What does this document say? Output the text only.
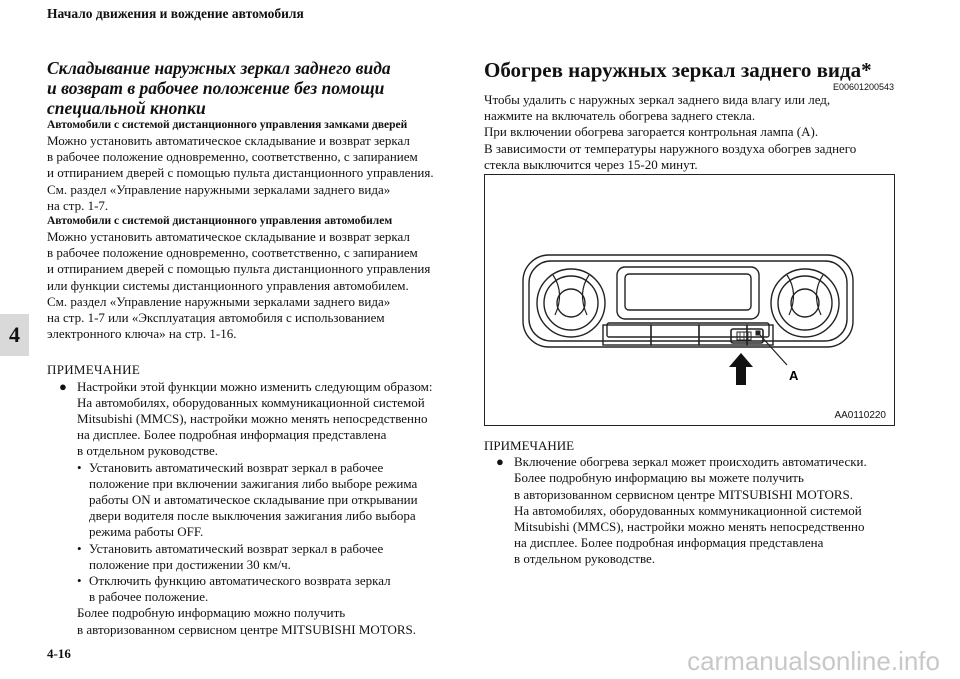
Начало движения и вождение автомобиля
4

Складывание наружных зеркал заднего вида

и возврат в рабочее положение без помощи

специальной кнопки

Автомобили с системой дистанционного управления замками дверей

Можно установить автоматическое складывание и возврат зеркал

в рабочее положение одновременно, соответственно, с запиранием

и отпиранием дверей с помощью пульта дистанционного управления.

См. раздел «Управление наружными зеркалами заднего вида»

на стр. 1-7.

Автомобили с системой дистанционного управления автомобилем

Можно установить автоматическое складывание и возврат зеркал

в рабочее положение одновременно, соответственно, с запиранием

и отпиранием дверей с помощью пульта дистанционного управления

или функции системы дистанционного управления автомобилем.

См. раздел «Управление наружными зеркалами заднего вида»

на стр. 1-7 или «Эксплуатация автомобиля с использованием

электронного ключа» на стр. 1-16.

ПРИМЕЧАНИЕ
● Настройки этой функции можно изменить следующим образом:

На автомобилях, оборудованных коммуникационной системой

Mitsubishi (MMCS), настройки можно менять непосредственно

на дисплее. Более подробная информация представлена

в отдельном руководстве.

• Установить автоматический возврат зеркал в рабочее

положение при включении зажигания либо выборе режима

работы ON и автоматическое складывание при открывании

двери водителя после выключения зажигания либо выбора

режима работы OFF.

• Установить автоматический возврат зеркал в рабочее

положение при достижении 30 км/ч.

• Отключить функцию автоматического возврата зеркал

в рабочее положение.

Более подробную информацию можно получить

в авторизованном сервисном центре MITSUBISHI MOTORS.

Обогрев наружных зеркал заднего вида*

E00601200543

Чтобы удалить с наружных зеркал заднего вида влагу или лед,

нажмите на включатель обогрева заднего стекла.

При включении обогрева загорается контрольная лампа (A).

В зависимости от температуры наружного воздуха обогрев заднего

стекла выключится через 15-20 минут.

A
AA0110220
ПРИМЕЧАНИЕ
● Включение обогрева зеркал может происходить автоматически.

Более подробную информацию вы можете получить

в авторизованном сервисном центре MITSUBISHI MOTORS.

На автомобилях, оборудованных коммуникационной системой

Mitsubishi (MMCS), настройки можно менять непосредственно

на дисплее. Более подробная информация представлена

в отдельном руководстве.

4-16	carmanualsonline.info
